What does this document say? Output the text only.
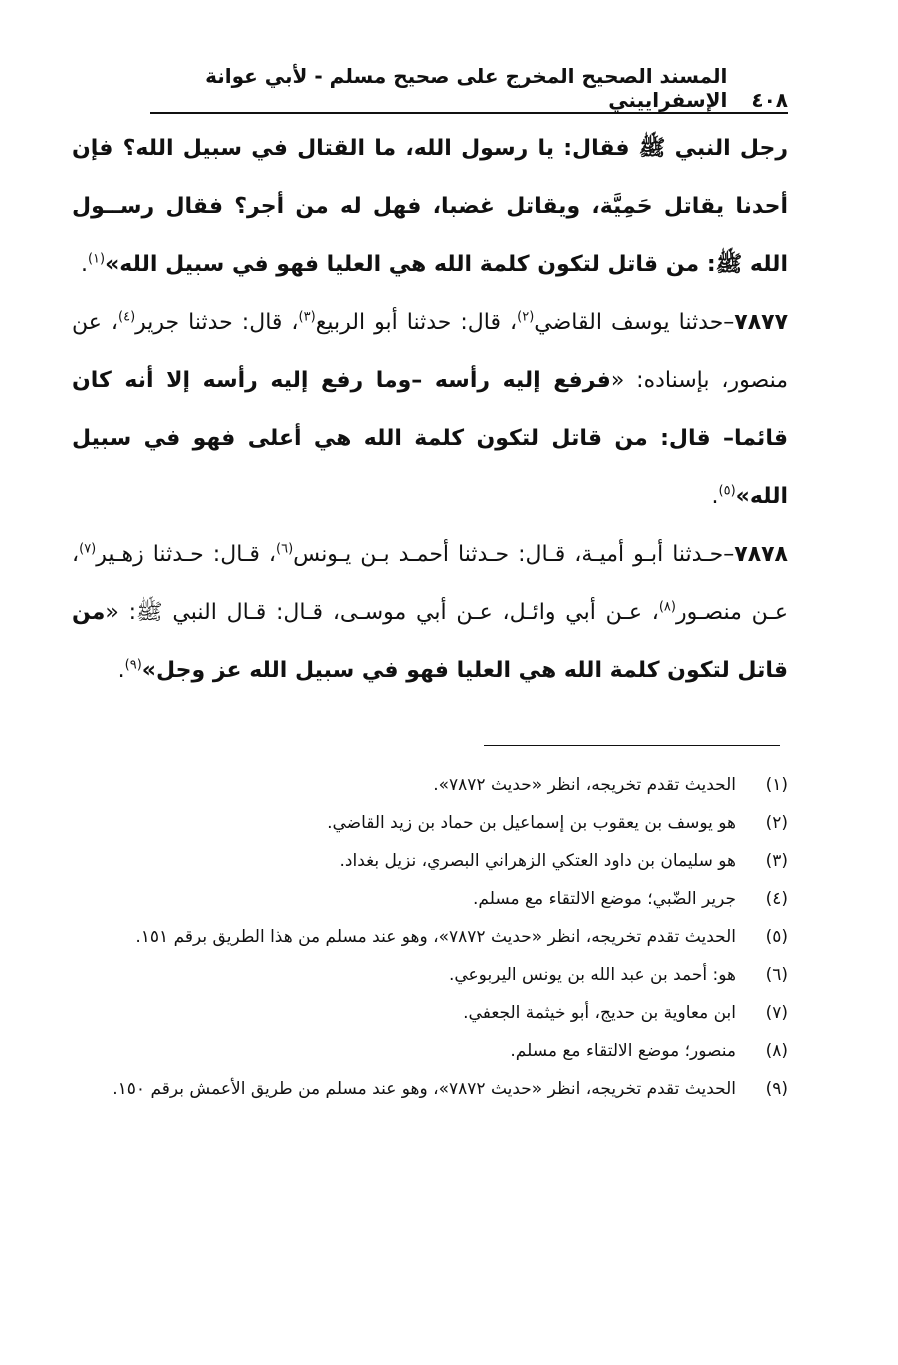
٤٠٨
المسند الصحيح المخرج على صحيح مسلم - لأبي عوانة الإسفراييني

رجل النبي ﷺ فقال: يا رسول الله، ما القتال في سبيل الله؟ فإن أحدنا يقاتل حَمِيَّة، ويقاتل غضبا، فهل له من أجر؟ فقال رســول الله ﷺ: من قاتل لتكون كلمة الله هي العليا فهو في سبيل الله»$^{(١)}$.

٧٨٧٧–حدثنا يوسف القاضي$^{(٢)}$، قال: حدثنا أبو الربيع$^{(٣)}$، قال: حدثنا جرير$^{(٤)}$، عن منصور، بإسناده: «فرفع إليه رأسه –وما رفع إليه رأسه إلا أنه كان قائما– قال: من قاتل لتكون كلمة الله هي أعلى فهو في سبيل الله»$^{(٥)}$.

٧٨٧٨–حـدثنا أبـو أميـة، قـال: حـدثنا أحمـد بـن يـونس$^{(٦)}$، قـال: حـدثنا زهـير$^{(٧)}$، عـن منصـور$^{(٨)}$، عـن أبي وائـل، عـن أبي موسـى، قـال: قـال النبي ﷺ: «من قاتل لتكون كلمة الله هي العليا فهو في سبيل الله عز وجل»$^{(٩)}$.

(١)
الحديث تقدم تخريجه، انظر «حديث ٧٨٧٢».
(٢)
هو يوسف بن يعقوب بن إسماعيل بن حماد بن زيد القاضي.
(٣)
هو سليمان بن داود العتكي الزهراني البصري، نزيل بغداد.
(٤)
جرير الضّبي؛ موضع الالتقاء مع مسلم.
(٥)
الحديث تقدم تخريجه، انظر «حديث ٧٨٧٢»، وهو عند مسلم من هذا الطريق برقم ١٥١.
(٦)
هو: أحمد بن عبد الله بن يونس اليربوعي.
(٧)
ابن معاوية بن حديج، أبو خيثمة الجعفي.
(٨)
منصور؛ موضع الالتقاء مع مسلم.
(٩)
الحديث تقدم تخريجه، انظر «حديث ٧٨٧٢»، وهو عند مسلم من طريق الأعمش برقم ١٥٠.
